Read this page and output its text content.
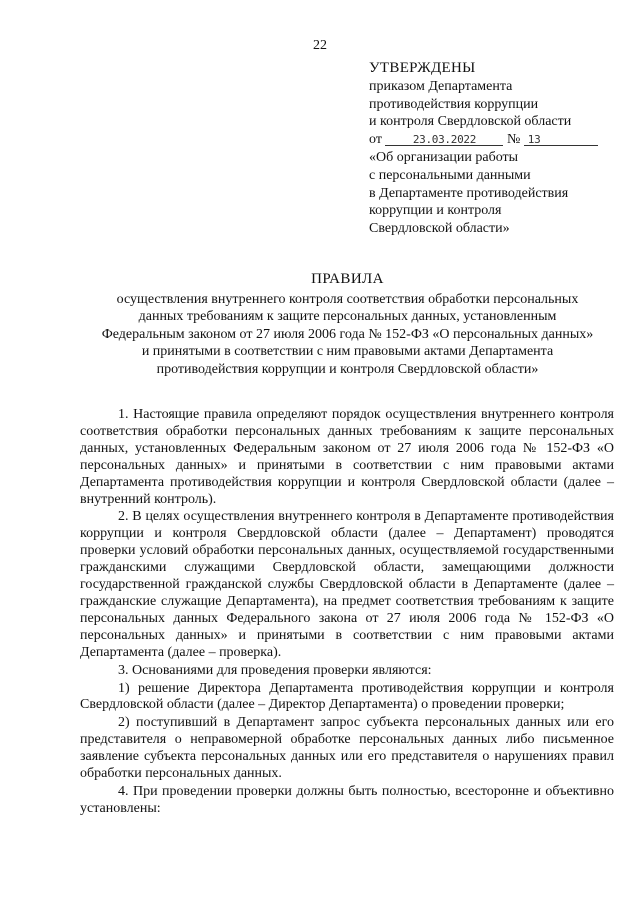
22
УТВЕРЖДЕНЫ
приказом Департамента
противодействия коррупции
и контроля Свердловской области
от	23.03.2022 № 13
«Об организации работы
с персональными данными
в Департаменте противодействия
коррупции и контроля
Свердловской области»
ПРАВИЛА
осуществления внутреннего контроля соответствия обработки персональных
данных требованиям к защите персональных данных, установленным
Федеральным законом от 27 июля 2006 года № 152-ФЗ «О персональных данных»
и принятыми в соответствии с ним правовыми актами Департамента
противодействия коррупции и контроля Свердловской области»

1. Настоящие правила определяют порядок осуществления внутреннего контроля соответствия обработки персональных данных требованиям к защите персональных данных, установленных Федеральным законом от 27 июля 2006 года № 152-ФЗ «О персональных данных» и принятыми в соответствии с ним правовыми актами Департамента противодействия коррупции и контроля Свердловской области (далее – внутренний контроль).

2. В целях осуществления внутреннего контроля в Департаменте противодействия коррупции и контроля Свердловской области (далее – Департамент) проводятся проверки условий обработки персональных данных, осуществляемой государственными гражданскими служащими Свердловской области, замещающими должности государственной гражданской службы Свердловской области в Департаменте (далее – гражданские служащие Департамента), на предмет соответствия требованиям к защите персональных данных Федерального закона от 27 июля 2006 года № 152-ФЗ «О персональных данных» и принятыми в соответствии с ним правовыми актами Департамента (далее – проверка).

3. Основаниями для проведения проверки являются:

1) решение Директора Департамента противодействия коррупции и контроля Свердловской области (далее – Директор Департамента) о проведении проверки;

2) поступивший в Департамент запрос субъекта персональных данных или его представителя о неправомерной обработке персональных данных либо письменное заявление субъекта персональных данных или его представителя о нарушениях правил обработки персональных данных.

4. При проведении проверки должны быть полностью, всесторонне и объективно установлены:
